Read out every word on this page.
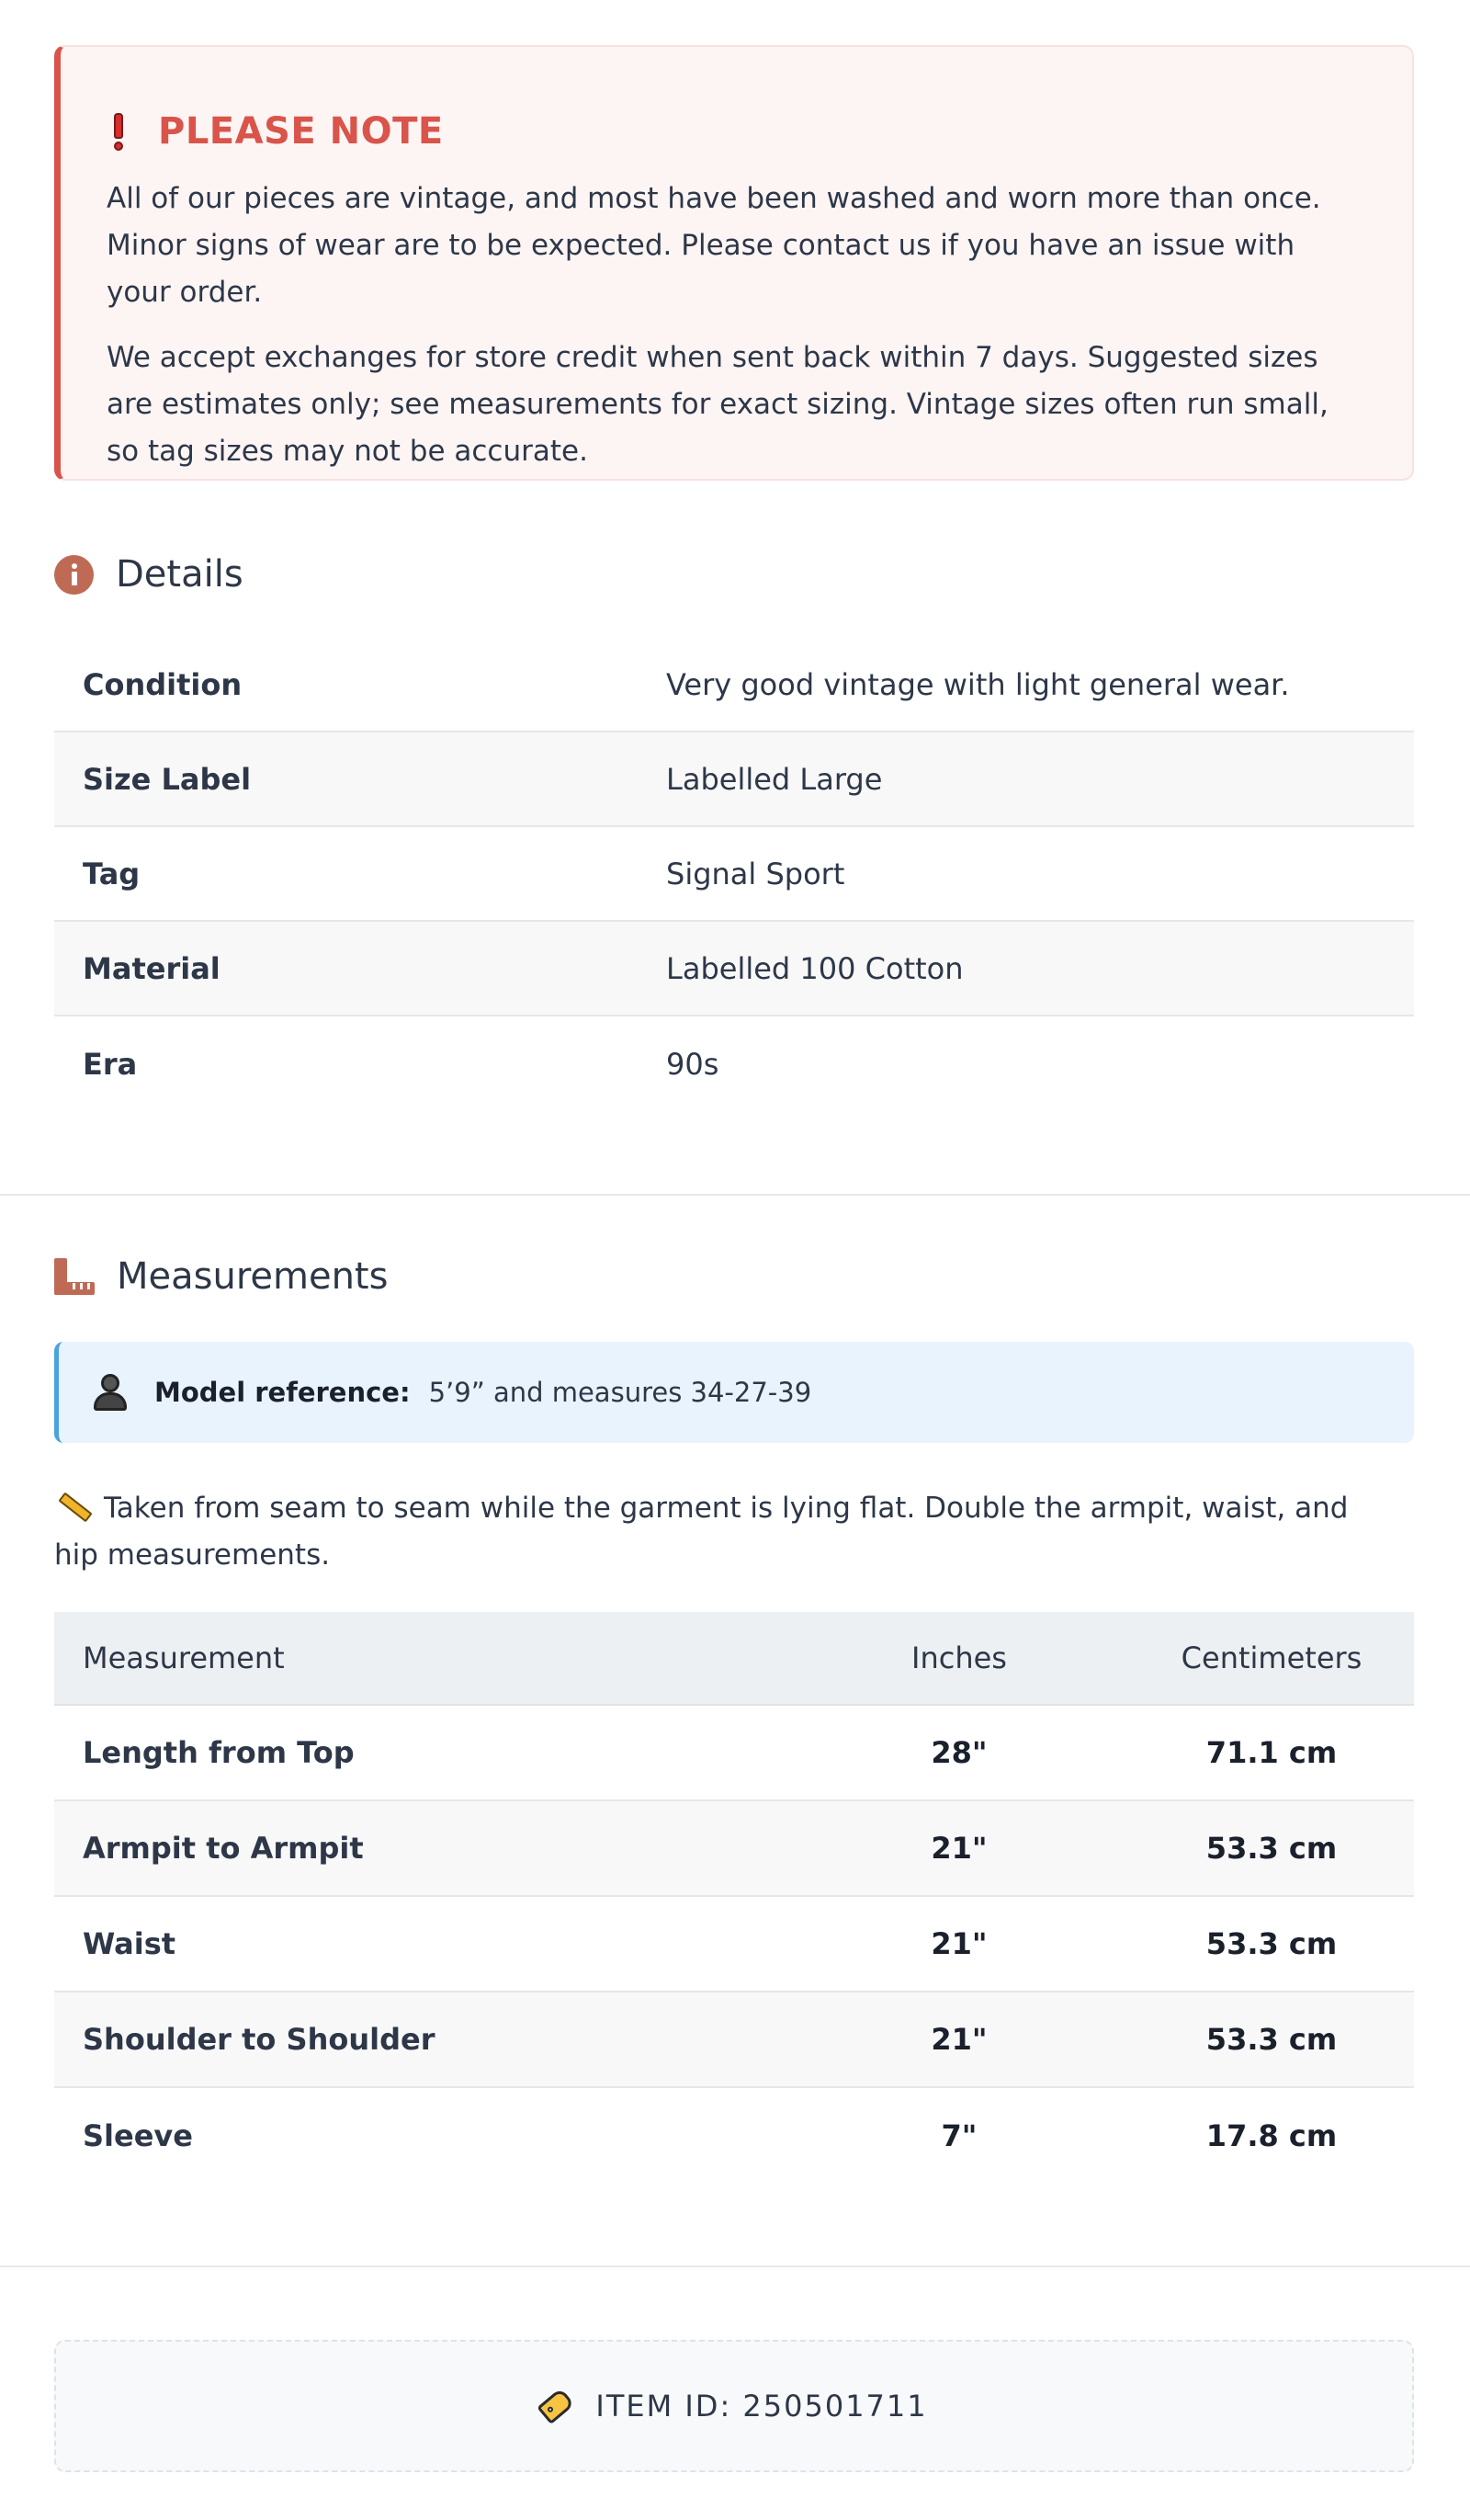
PLEASE NOTE

All of our pieces are vintage, and most have been washed and worn more than once. Minor signs of wear are to be expected. Please contact us if you have an issue with your order.

We accept exchanges for store credit when sent back within 7 days. Suggested sizes are estimates only; see measurements for exact sizing. Vintage sizes often run small, so tag sizes may not be accurate.

Details
Condition	Very good vintage with light general wear.
Size Label	Labelled Large
Tag	Signal Sport
Material	Labelled 100 Cotton
Era	90s
Measurements
Model reference: 5’9” and measures 34-27-39

Taken from seam to seam while the garment is lying flat. Double the armpit, waist, and hip measurements.

Measurement	Inches	Centimeters
Length from Top	28"	71.1 cm
Armpit to Armpit	21"	53.3 cm
Waist	21"	53.3 cm
Shoulder to Shoulder	21"	53.3 cm
Sleeve	7"	17.8 cm
ITEM ID: 250501711
